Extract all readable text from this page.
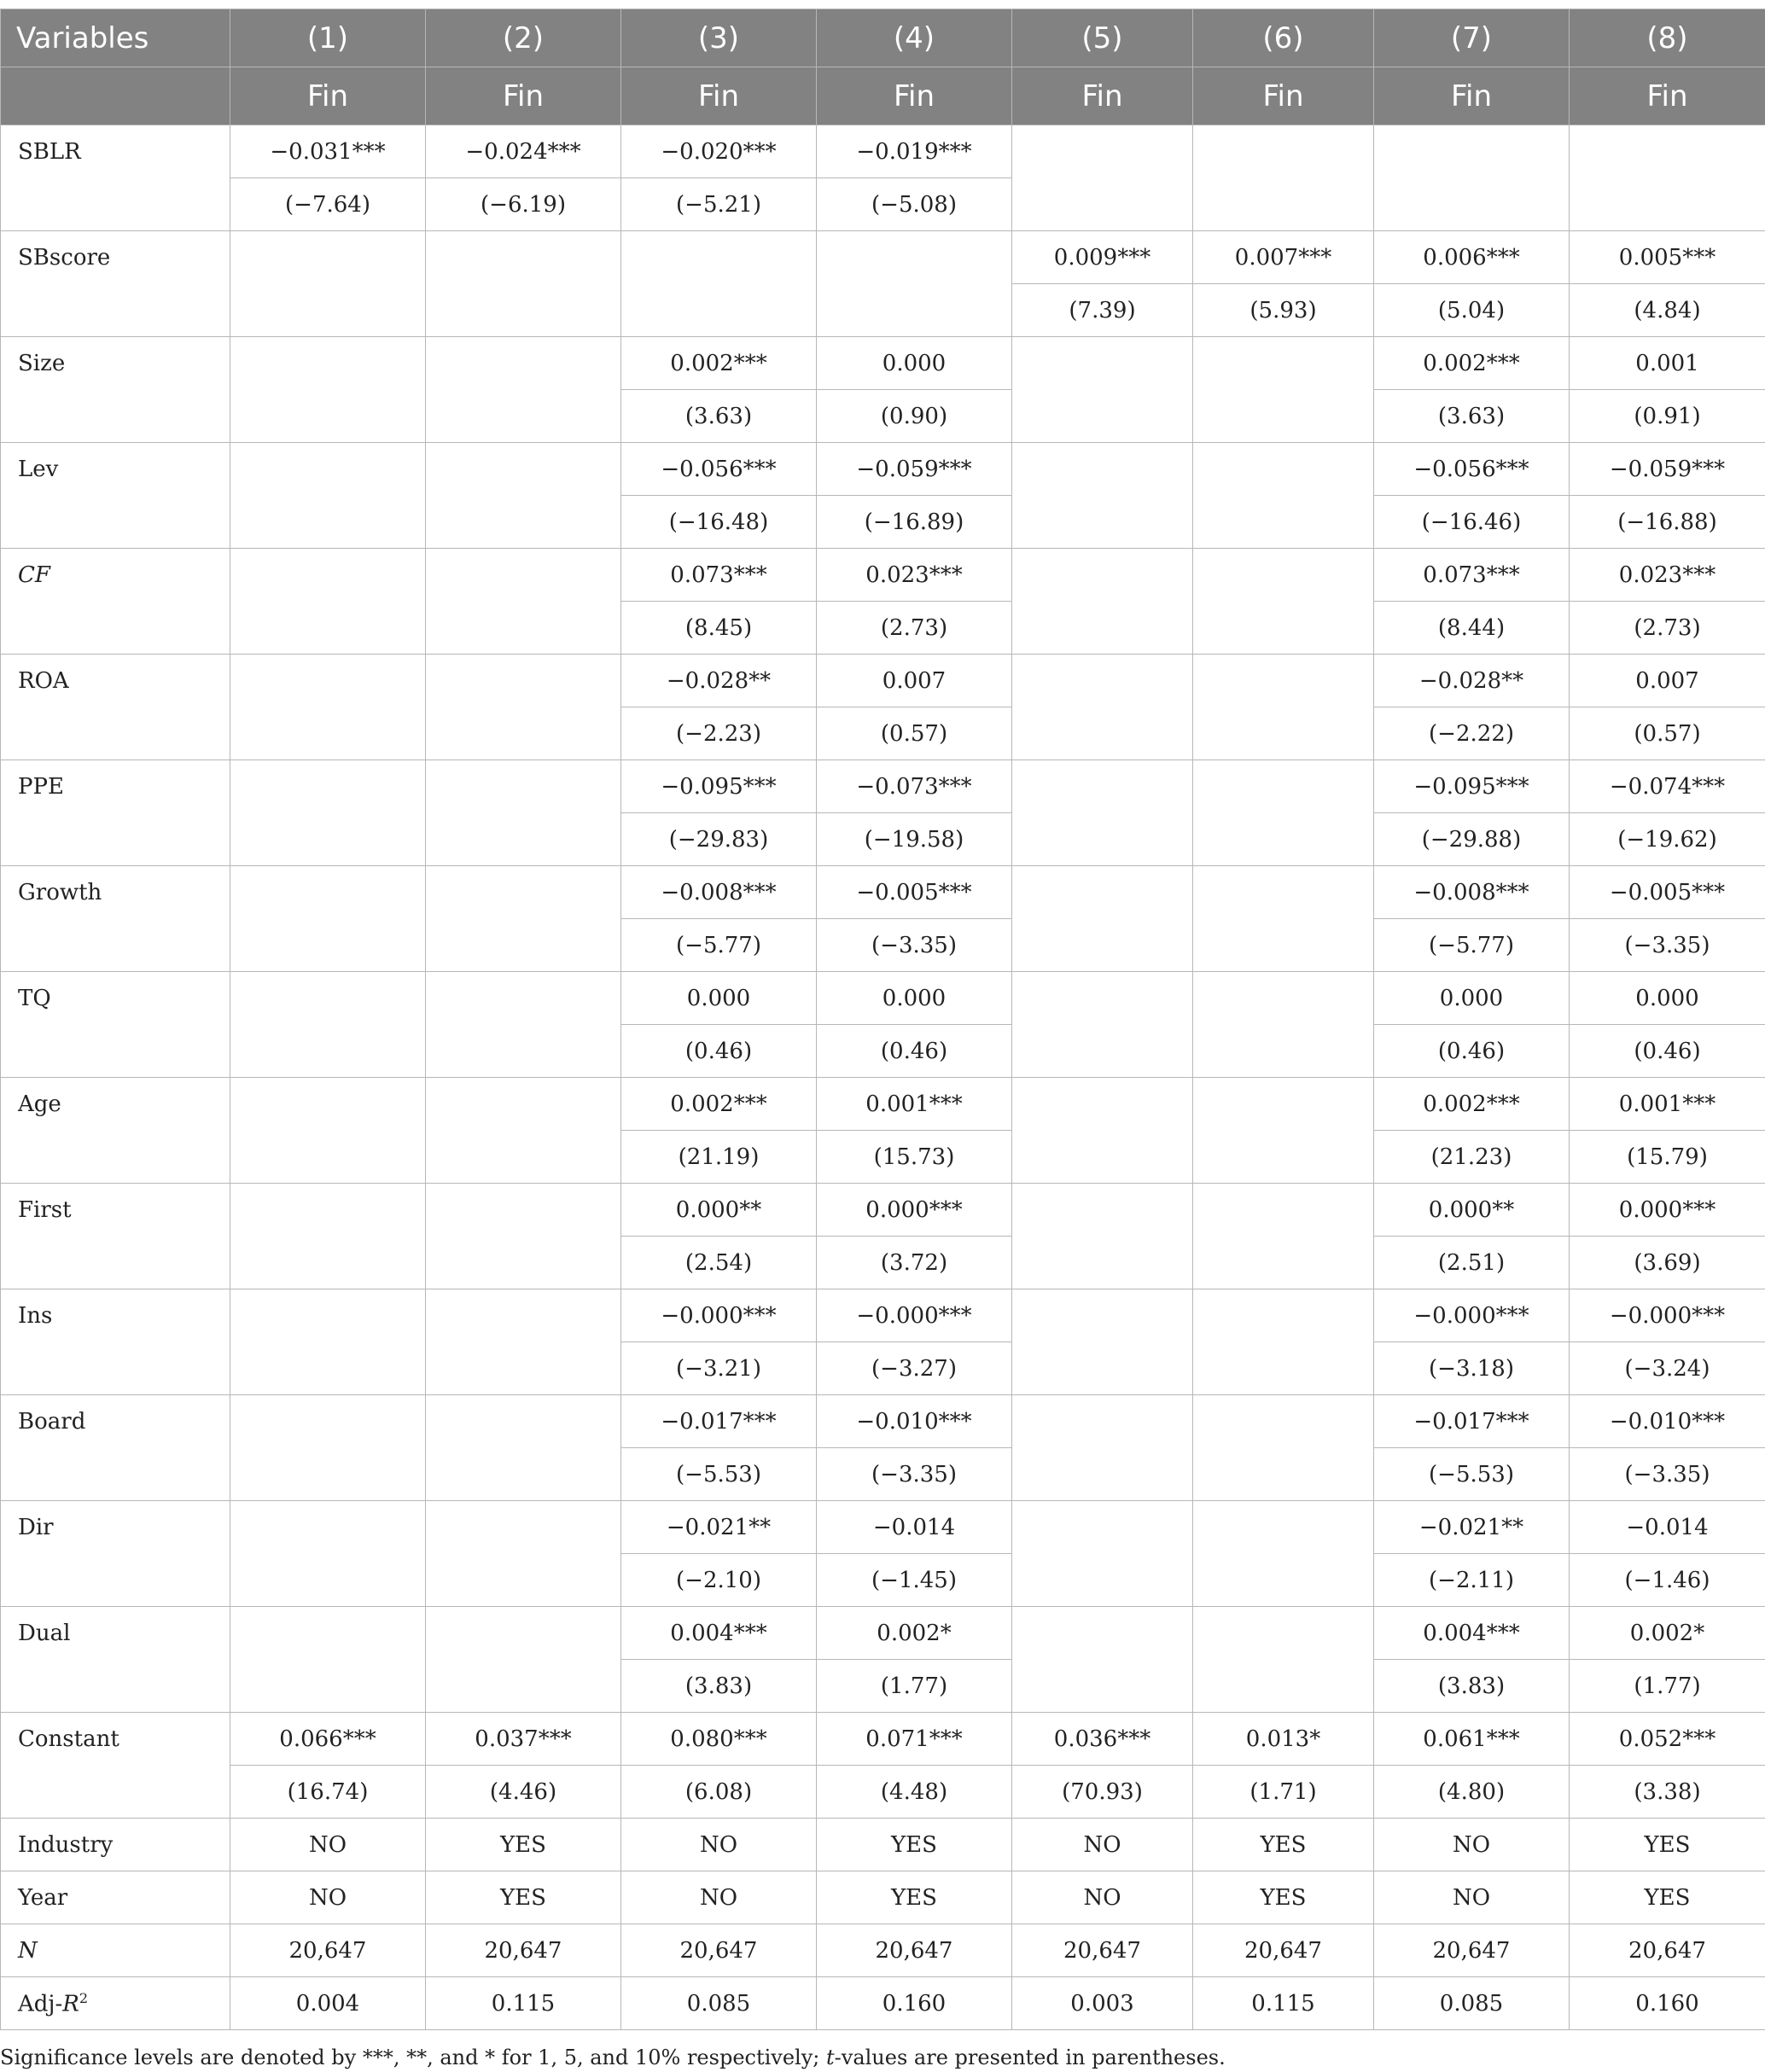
Variables	(1)	(2)	(3)	(4)	(5)	(6)	(7)	(8)
	Fin	Fin	Fin	Fin	Fin	Fin	Fin	Fin
SBLR	−0.031***	−0.024***	−0.020***	−0.019***				
	(−7.64)	(−6.19)	(−5.21)	(−5.08)				
SBscore					0.009***	0.007***	0.006***	0.005***
					(7.39)	(5.93)	(5.04)	(4.84)
Size			0.002***	0.000			0.002***	0.001
			(3.63)	(0.90)			(3.63)	(0.91)
Lev			−0.056***	−0.059***			−0.056***	−0.059***
			(−16.48)	(−16.89)			(−16.46)	(−16.88)
CF			0.073***	0.023***			0.073***	0.023***
			(8.45)	(2.73)			(8.44)	(2.73)
ROA			−0.028**	0.007			−0.028**	0.007
			(−2.23)	(0.57)			(−2.22)	(0.57)
PPE			−0.095***	−0.073***			−0.095***	−0.074***
			(−29.83)	(−19.58)			(−29.88)	(−19.62)
Growth			−0.008***	−0.005***			−0.008***	−0.005***
			(−5.77)	(−3.35)			(−5.77)	(−3.35)
TQ			0.000	0.000			0.000	0.000
			(0.46)	(0.46)			(0.46)	(0.46)
Age			0.002***	0.001***			0.002***	0.001***
			(21.19)	(15.73)			(21.23)	(15.79)
First			0.000**	0.000***			0.000**	0.000***
			(2.54)	(3.72)			(2.51)	(3.69)
Ins			−0.000***	−0.000***			−0.000***	−0.000***
			(−3.21)	(−3.27)			(−3.18)	(−3.24)
Board			−0.017***	−0.010***			−0.017***	−0.010***
			(−5.53)	(−3.35)			(−5.53)	(−3.35)
Dir			−0.021**	−0.014			−0.021**	−0.014
			(−2.10)	(−1.45)			(−2.11)	(−1.46)
Dual			0.004***	0.002*			0.004***	0.002*
			(3.83)	(1.77)			(3.83)	(1.77)
Constant	0.066***	0.037***	0.080***	0.071***	0.036***	0.013*	0.061***	0.052***
	(16.74)	(4.46)	(6.08)	(4.48)	(70.93)	(1.71)	(4.80)	(3.38)
Industry	NO	YES	NO	YES	NO	YES	NO	YES
Year	NO	YES	NO	YES	NO	YES	NO	YES
N	20,647	20,647	20,647	20,647	20,647	20,647	20,647	20,647
Adj-$R^2$	0.004	0.115	0.085	0.160	0.003	0.115	0.085	0.160
Significance levels are denoted by ***, **, and * for 1, 5, and 10% respectively; t-values are presented in parentheses.
